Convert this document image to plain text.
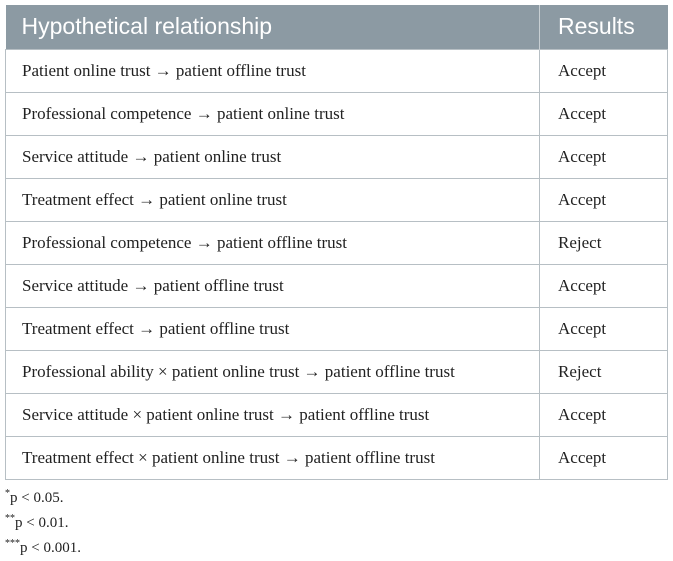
Hypothetical relationship	Results
Patient online trust → patient offline trust	Accept
Professional competence → patient online trust	Accept
Service attitude → patient online trust	Accept
Treatment effect → patient online trust	Accept
Professional competence → patient offline trust	Reject
Service attitude → patient offline trust	Accept
Treatment effect → patient offline trust	Accept
Professional ability × patient online trust → patient offline trust	Reject
Service attitude × patient online trust → patient offline trust	Accept
Treatment effect × patient online trust → patient offline trust	Accept
*p < 0.05.
**p < 0.01.
***p < 0.001.
